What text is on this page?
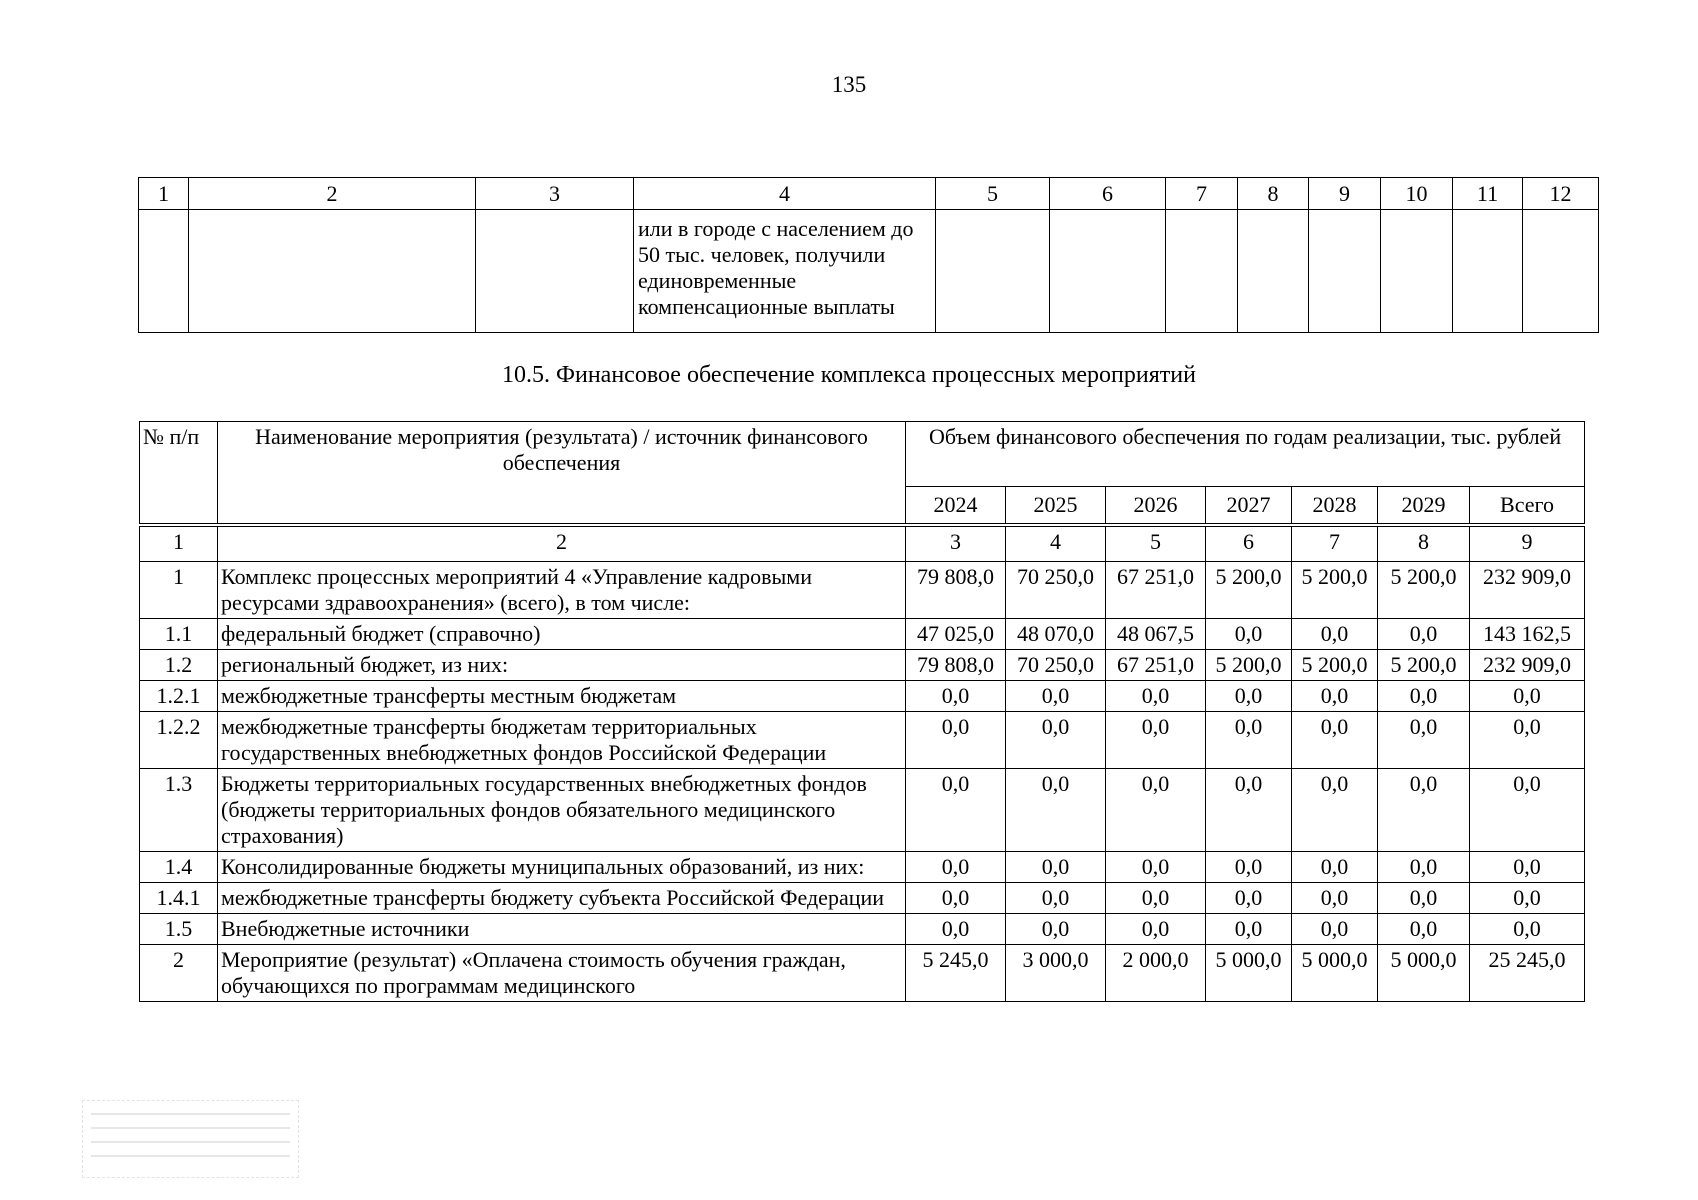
135
1	2	3	4	5	6	7	8	9	10	11	12
			или в городе с населением до 50 тыс. человек, получили единовременные компенсационные выплаты								
10.5. Финансовое обеспечение комплекса процессных мероприятий
№ п/п	Наименование мероприятия (результата) / источник финансового обеспечения	Объем финансового обеспечения по годам реализации, тыс. рублей						
		2024	2025	2026	2027	2028	2029	Всего
1	2	3	4	5	6	7	8	9
1	Комплекс процессных мероприятий 4 «Управление кадровыми ресурсами здравоохранения» (всего), в том числе:	79 808,0	70 250,0	67 251,0	5 200,0	5 200,0	5 200,0	232 909,0
1.1	федеральный бюджет (справочно)	47 025,0	48 070,0	48 067,5	0,0	0,0	0,0	143 162,5
1.2	региональный бюджет, из них:	79 808,0	70 250,0	67 251,0	5 200,0	5 200,0	5 200,0	232 909,0
1.2.1	межбюджетные трансферты местным бюджетам	0,0	0,0	0,0	0,0	0,0	0,0	0,0
1.2.2	межбюджетные трансферты бюджетам территориальных государственных внебюджетных фондов Российской Федерации	0,0	0,0	0,0	0,0	0,0	0,0	0,0
1.3	Бюджеты территориальных государственных внебюджетных фондов (бюджеты территориальных фондов обязательного медицинского страхования)	0,0	0,0	0,0	0,0	0,0	0,0	0,0
1.4	Консолидированные бюджеты муниципальных образований, из них:	0,0	0,0	0,0	0,0	0,0	0,0	0,0
1.4.1	межбюджетные трансферты бюджету субъекта Российской Федерации	0,0	0,0	0,0	0,0	0,0	0,0	0,0
1.5	Внебюджетные источники	0,0	0,0	0,0	0,0	0,0	0,0	0,0
2	Мероприятие (результат) «Оплачена стоимость обучения граждан, обучающихся по программам медицинского	5 245,0	3 000,0	2 000,0	5 000,0	5 000,0	5 000,0	25 245,0
